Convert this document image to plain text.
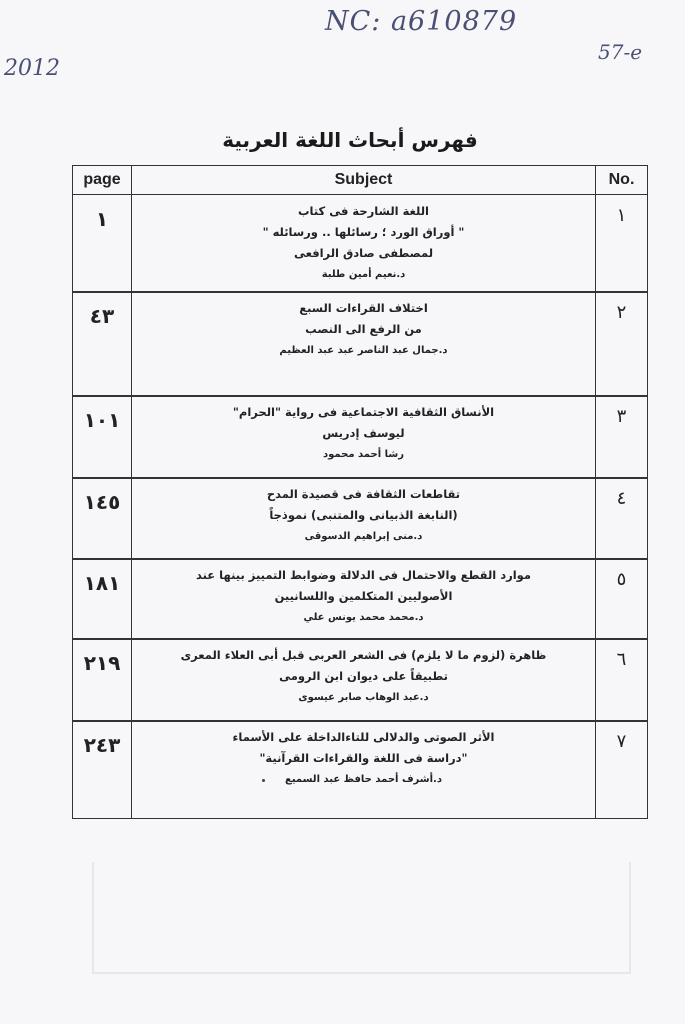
NC: a610879
2012
57-e
فهرس أبحاث اللغة العربية
page	Subject	No.
١
٤٣
١٠١
١٤٥
١٨١
٢١٩
٢٤٣
اللغة الشارحة فى كتاب
" أوراق الورد ؛ رسائلها .. ورسائله "
لمصطفى صادق الرافعى
د.نعيم أمين طلبة
اختلاف القراءات السبع
من الرفع الى النصب
د.جمال عبد الناصر عبد عبد العظيم
الأنساق الثقافية الاجتماعية فى رواية "الحرام"
ليوسف إدريس
رشا أحمد محمود
تقاطعات الثقافة فى قصيدة المدح
(النابغة الذبيانى والمتنبى) نموذجاً
د.منى إبراهيم الدسوقى
موارد القطع والاحتمال فى الدلالة وضوابط التمييز بينها عند
الأصوليين المتكلمين واللسانيين
د.محمد محمد يونس علي
ظاهرة (لزوم ما لا يلزم) فى الشعر العربى قبل أبى العلاء المعرى
تطبيقاً على ديوان ابن الرومى
د.عبد الوهاب صابر عيسوى
الأثر الصوتى والدلالى للتاءالداخلة على الأسماء
"دراسة فى اللغة والقراءات القرآنية"
د.أشرف أحمد حافظ عبد السميع
١
٢
٣
٤
٥
٦
٧
